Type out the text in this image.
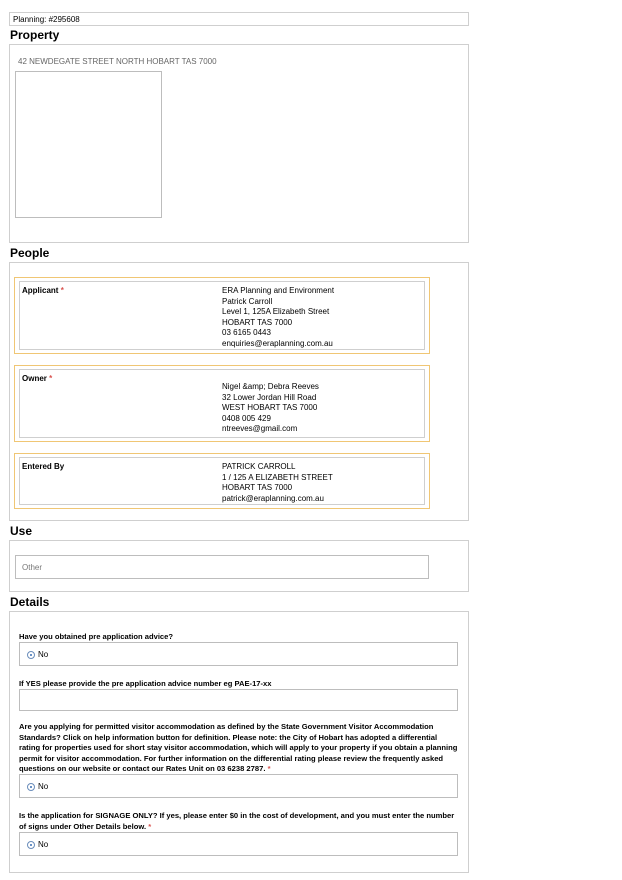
Planning: #295608
Property
42 NEWDEGATE STREET NORTH HOBART TAS 7000
People
Applicant *	ERA Planning and Environment
Patrick Carroll
Level 1, 125A Elizabeth Street
HOBART TAS 7000
03 6165 0443
enquiries@eraplanning.com.au
Owner *
Nigel &amp; Debra Reeves
32 Lower Jordan Hill Road
WEST HOBART TAS 7000
0408 005 429
ntreeves@gmail.com
Entered By	PATRICK CARROLL
1 / 125 A ELIZABETH STREET
HOBART TAS 7000
patrick@eraplanning.com.au
Use
Other
Details
Have you obtained pre application advice?
No
If YES please provide the pre application advice number eg PAE-17-xx
Are you applying for permitted visitor accommodation as defined by the State Government Visitor Accommodation Standards? Click on help information button for definition. Please note: the City of Hobart has adopted a differential rating for properties used for short stay visitor accommodation, which will apply to your property if you obtain a planning permit for visitor accommodation. For further information on the differential rating please review the frequently asked questions on our website or contact our Rates Unit on 03 6238 2787. *
No
Is the application for SIGNAGE ONLY? If yes, please enter $0 in the cost of development, and you must enter the number of signs under Other Details below. *
No
